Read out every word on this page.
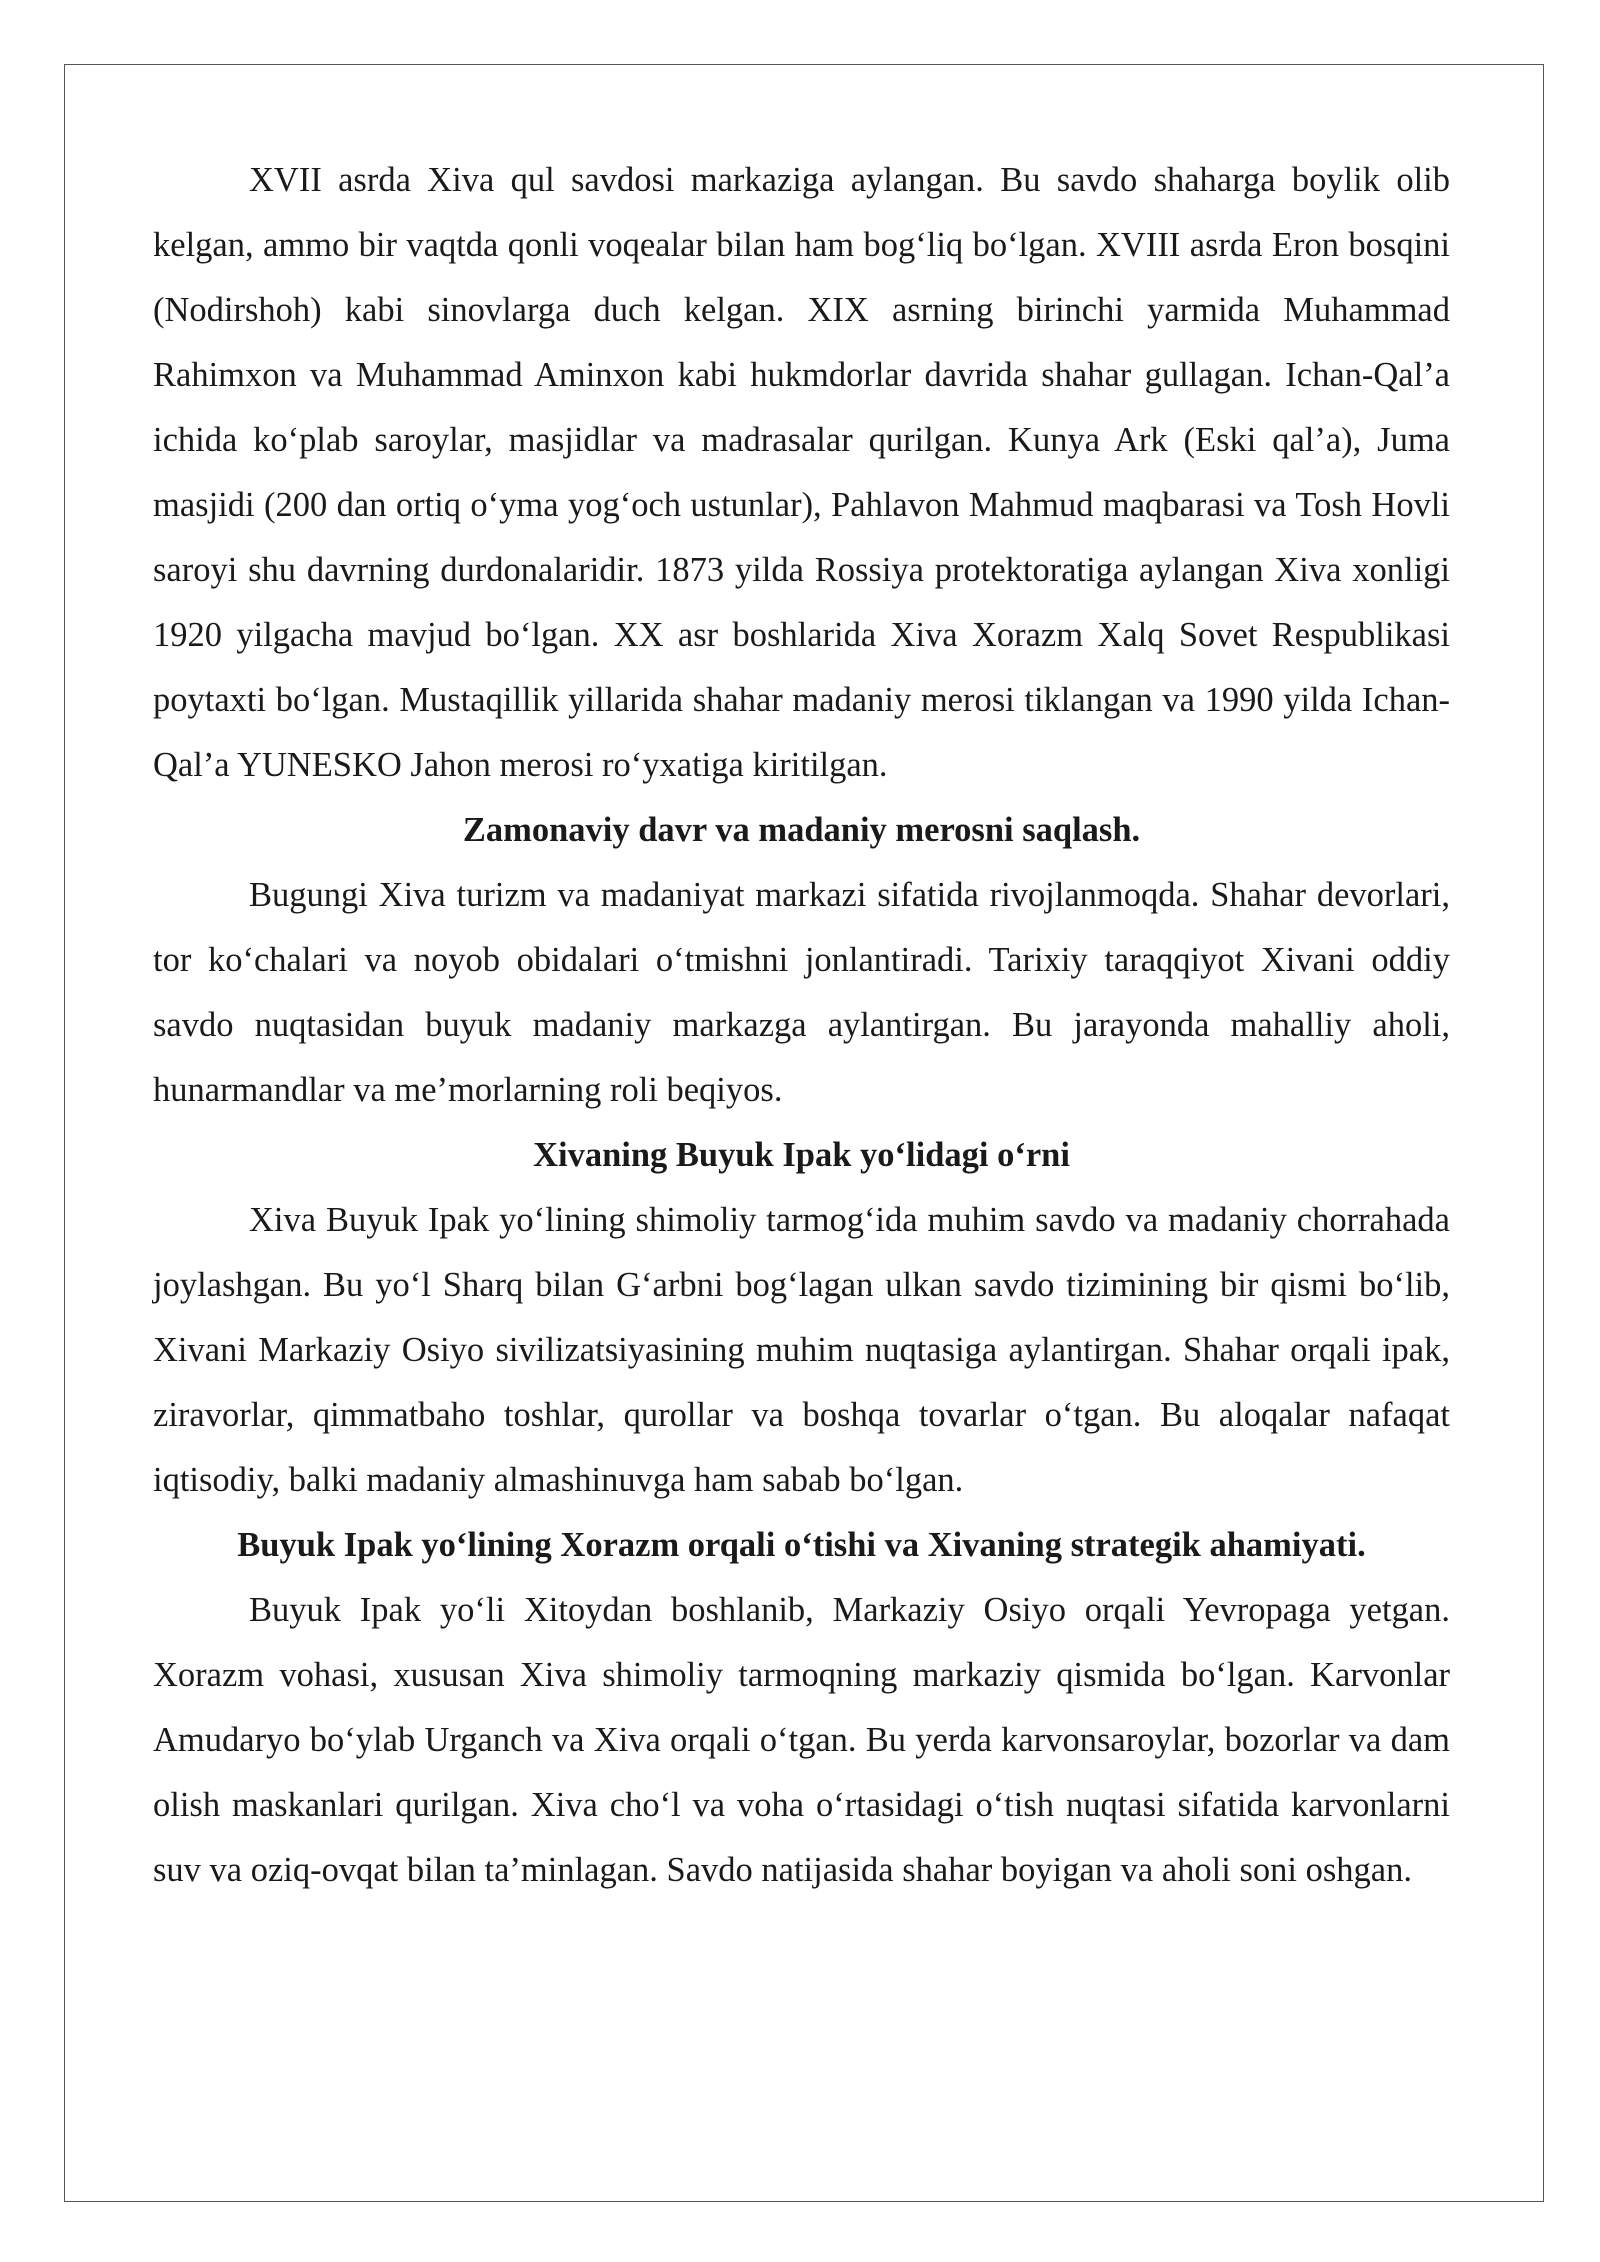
XVII asrda Xiva qul savdosi markaziga aylangan. Bu savdo shaharga boylik olib kelgan, ammo bir vaqtda qonli voqealar bilan ham bog‘liq bo‘lgan. XVIII asrda Eron bosqini (Nodirshoh) kabi sinovlarga duch kelgan. XIX asrning birinchi yarmida Muhammad Rahimxon va Muhammad Aminxon kabi hukmdorlar davrida shahar gullagan. Ichan-Qal’a ichida ko‘plab saroylar, masjidlar va madrasalar qurilgan. Kunya Ark (Eski qal’a), Juma masjidi (200 dan ortiq o‘yma yog‘och ustunlar), Pahlavon Mahmud maqbarasi va Tosh Hovli saroyi shu davrning durdonalaridir. 1873 yilda Rossiya protektoratiga aylangan Xiva xonligi 1920 yilgacha mavjud bo‘lgan. XX asr boshlarida Xiva Xorazm Xalq Sovet Respublikasi poytaxti bo‘lgan. Mustaqillik yillarida shahar madaniy merosi tiklangan va 1990 yilda Ichan-Qal’a YUNESKO Jahon merosi ro‘yxatiga kiritilgan.

Zamonaviy davr va madaniy merosni saqlash.

Bugungi Xiva turizm va madaniyat markazi sifatida rivojlanmoqda. Shahar devorlari, tor ko‘chalari va noyob obidalari o‘tmishni jonlantiradi. Tarixiy taraqqiyot Xivani oddiy savdo nuqtasidan buyuk madaniy markazga aylantirgan. Bu jarayonda mahalliy aholi, hunarmandlar va me’morlarning roli beqiyos.

Xivaning Buyuk Ipak yo‘lidagi o‘rni

Xiva Buyuk Ipak yo‘lining shimoliy tarmog‘ida muhim savdo va madaniy chorrahada joylashgan. Bu yo‘l Sharq bilan G‘arbni bog‘lagan ulkan savdo tizimining bir qismi bo‘lib, Xivani Markaziy Osiyo sivilizatsiyasining muhim nuqtasiga aylantirgan. Shahar orqali ipak, ziravorlar, qimmatbaho toshlar, qurollar va boshqa tovarlar o‘tgan. Bu aloqalar nafaqat iqtisodiy, balki madaniy almashinuvga ham sabab bo‘lgan.

Buyuk Ipak yo‘lining Xorazm orqali o‘tishi va Xivaning strategik ahamiyati.

Buyuk Ipak yo‘li Xitoydan boshlanib, Markaziy Osiyo orqali Yevropaga yetgan. Xorazm vohasi, xususan Xiva shimoliy tarmoqning markaziy qismida bo‘lgan. Karvonlar Amudaryo bo‘ylab Urganch va Xiva orqali o‘tgan. Bu yerda karvonsaroylar, bozorlar va dam olish maskanlari qurilgan. Xiva cho‘l va voha o‘rtasidagi o‘tish nuqtasi sifatida karvonlarni suv va oziq-ovqat bilan ta’minlagan. Savdo natijasida shahar boyigan va aholi soni oshgan.
